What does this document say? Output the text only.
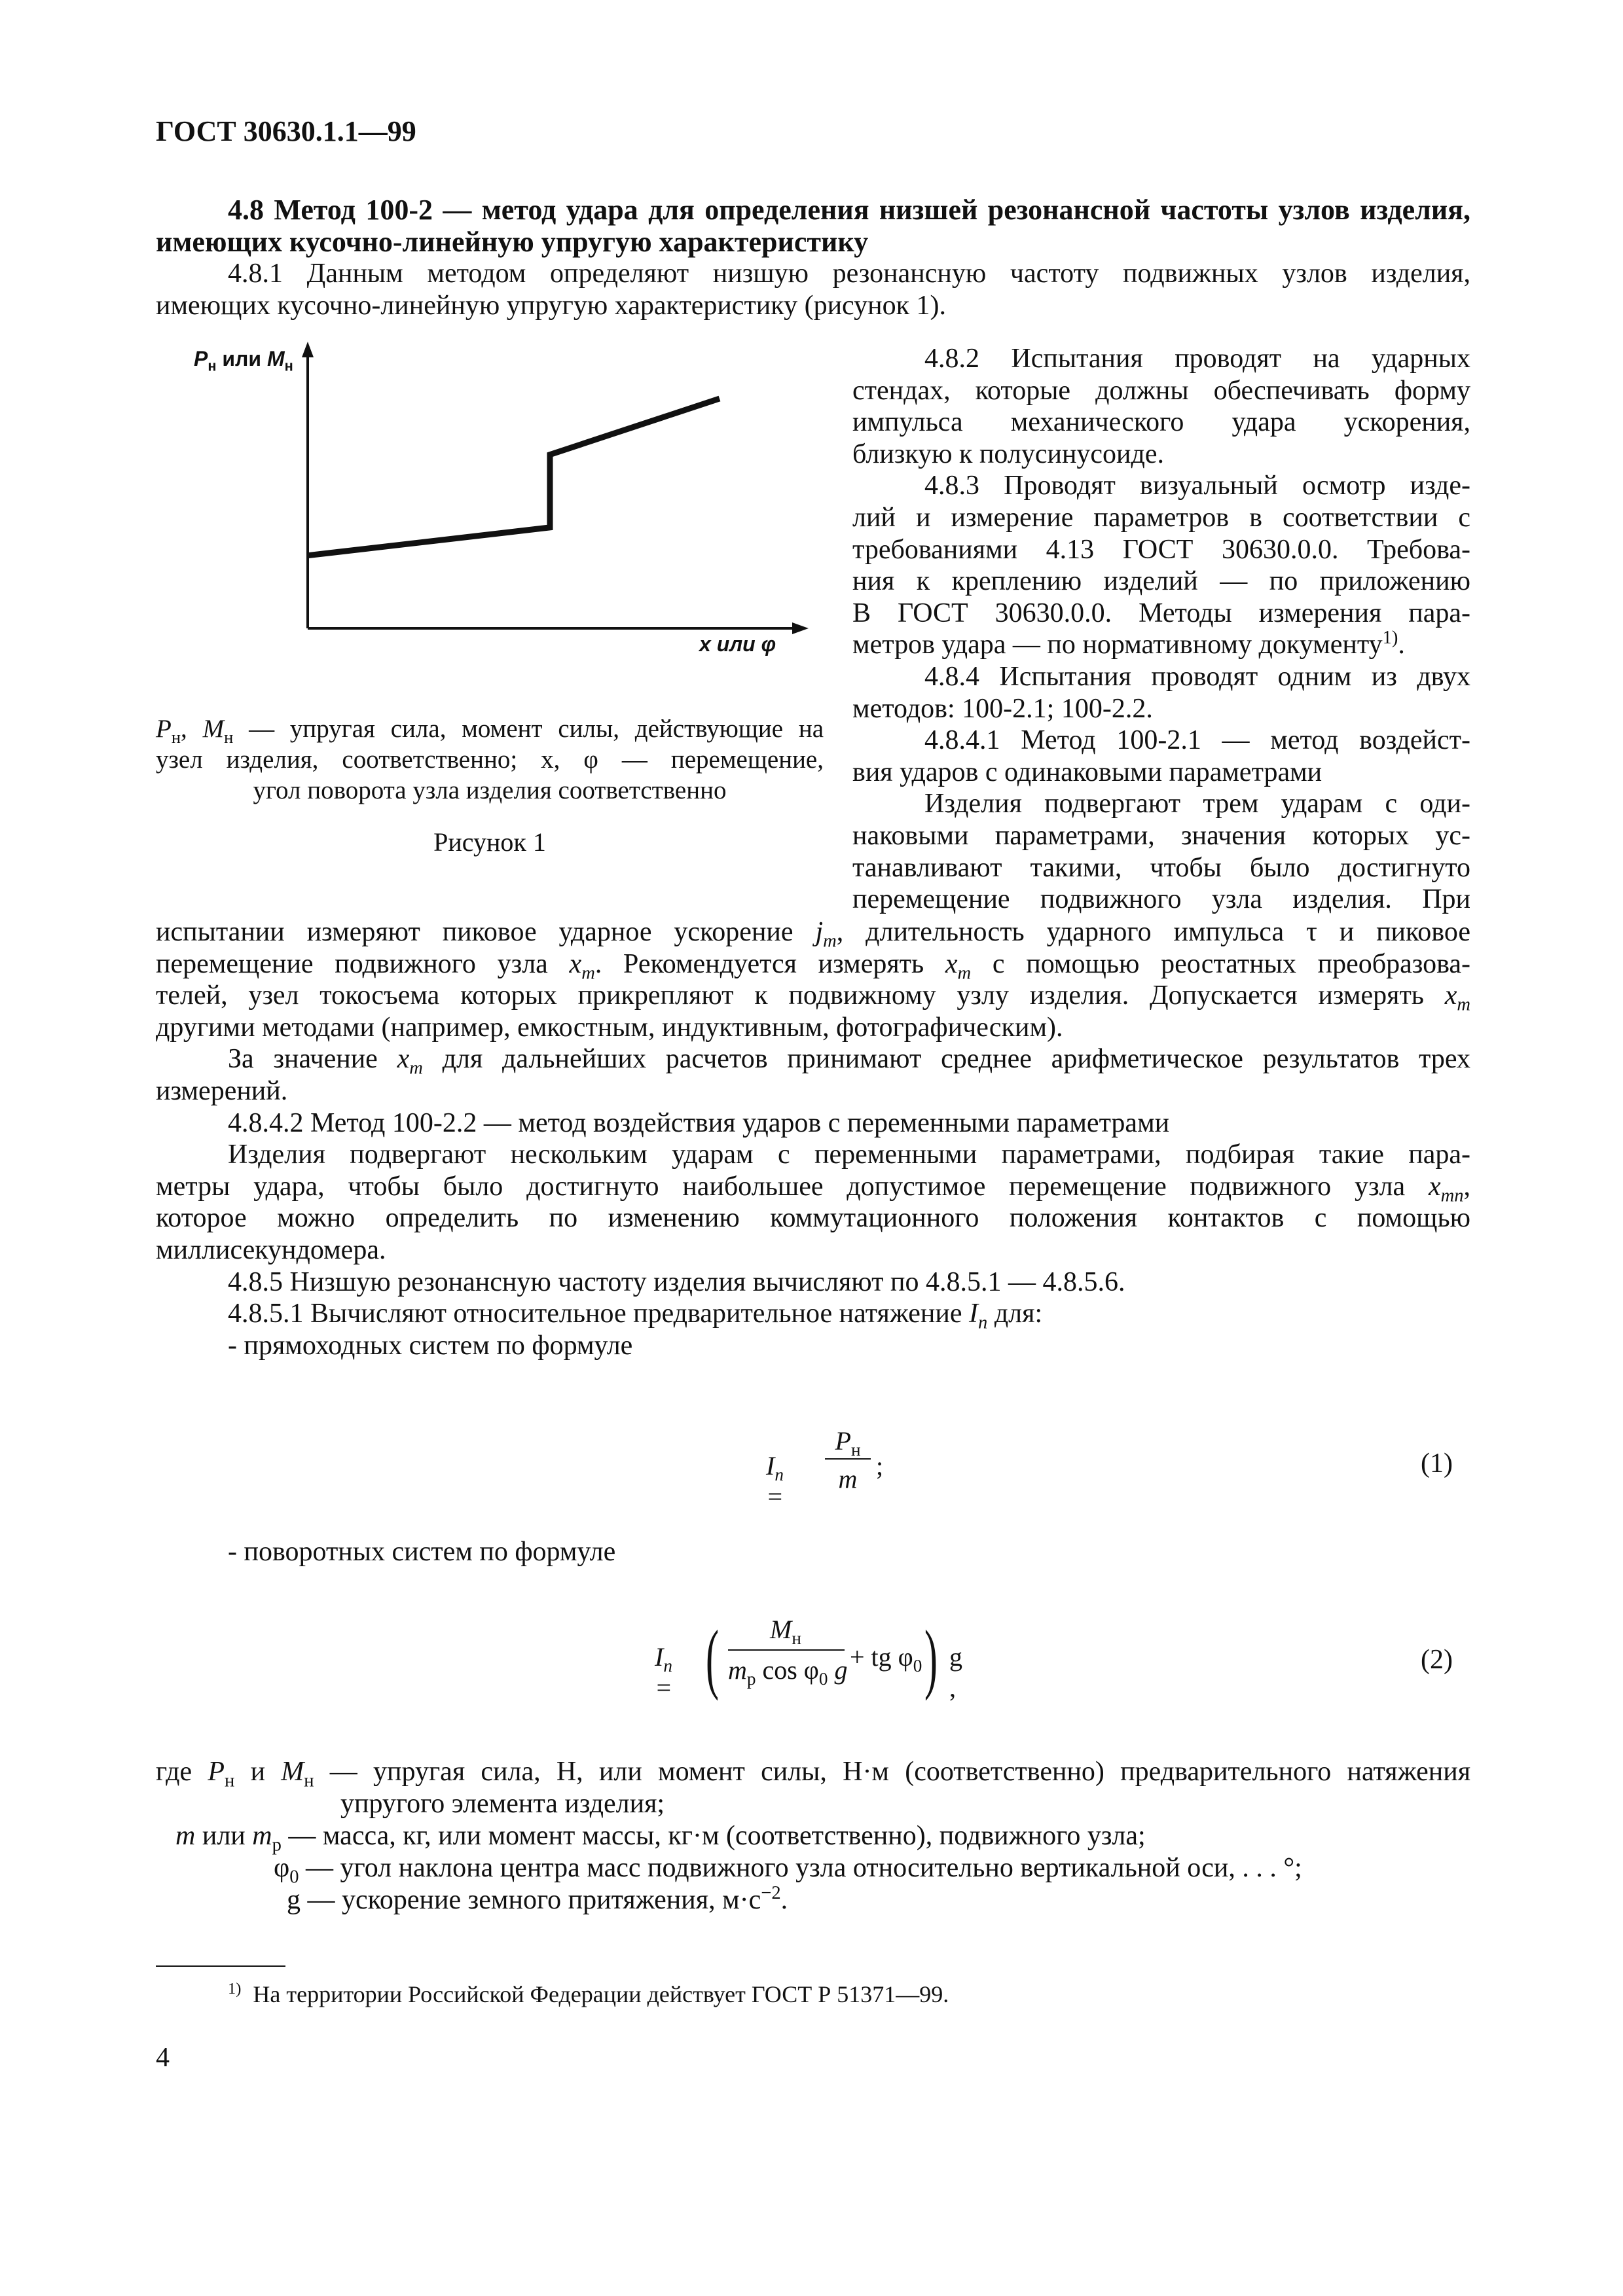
ГОСТ 30630.1.1—99
4.8 Метод 100-2 — метод удара для определения низшей резонансной частоты узлов изделия,
имеющих кусочно-линейную упругую характеристику
4.8.1 Данным методом определяют низшую резонансную частоту подвижных узлов изделия,
имеющих кусочно-линейную упругую характеристику (рисунок 1).
$P_н$ или $M_н$
x или φ
$P_н$, $M_н$ — упругая сила, момент силы, действующие на
узел изделия, соответственно; x, φ — перемещение,
угол поворота узла изделия соответственно
Рисунок 1
4.8.2 Испытания проводят на ударных
стендах, которые должны обеспечивать форму
импульса механического удара ускорения,
близкую к полусинусоиде.
4.8.3 Проводят визуальный осмотр изде-
лий и измерение параметров в соответствии с
требованиями 4.13 ГОСТ 30630.0.0. Требова-
ния к креплению изделий — по приложению
В ГОСТ 30630.0.0. Методы измерения пара-
метров удара — по нормативному документу$^{1)}$.
4.8.4 Испытания проводят одним из двух
методов: 100-2.1; 100-2.2.
4.8.4.1 Метод 100-2.1 — метод воздейст-
вия ударов с одинаковыми параметрами
Изделия подвергают трем ударам с оди-
наковыми параметрами, значения которых ус-
танавливают такими, чтобы было достигнуто
перемещение подвижного узла изделия. При
испытании измеряют пиковое ударное ускорение $j_m$, длительность ударного импульса τ и пиковое
перемещение подвижного узла $x_m$. Рекомендуется измерять $x_m$ с помощью реостатных преобразова-
телей, узел токосъема которых прикрепляют к подвижному узлу изделия. Допускается измерять $x_m$
другими методами (например, емкостным, индуктивным, фотографическим).
За значение $x_m$ для дальнейших расчетов принимают среднее арифметическое результатов трех
измерений.
4.8.4.2 Метод 100-2.2 — метод воздействия ударов с переменными параметрами
Изделия подвергают нескольким ударам с переменными параметрами, подбирая такие пара-
метры удара, чтобы было достигнуто наибольшее допустимое перемещение подвижного узла $x_{mn}$,
которое можно определить по изменению коммутационного положения контактов с помощью
миллисекундомера.
4.8.5 Низшую резонансную частоту изделия вычисляют по 4.8.5.1 — 4.8.5.6.
4.8.5.1 Вычисляют относительное предварительное натяжение $I_n$ для:
- прямоходных систем по формуле
$I_n$ =
$P_н$
m ;	(1)
- поворотных систем по формуле
$I_n$ = (	$M_н$
$m_р$ $\cos \varphi_0$ g + tg $\varphi_0$ ) g ,
(2)
где $P_н$ и $M_н$ — упругая сила, Н, или момент силы, Н·м (соответственно) предварительного натяжения
упругого элемента изделия;
m или $m_р$ — масса, кг, или момент массы, кг·м (соответственно), подвижного узла;
$\varphi_0$ — угол наклона центра масс подвижного узла относительно вертикальной оси, . . . °;
g — ускорение земного притяжения, $м\cdot с^{-2}$.
$^{1)}$ На территории Российской Федерации действует ГОСТ Р 51371—99.
4
